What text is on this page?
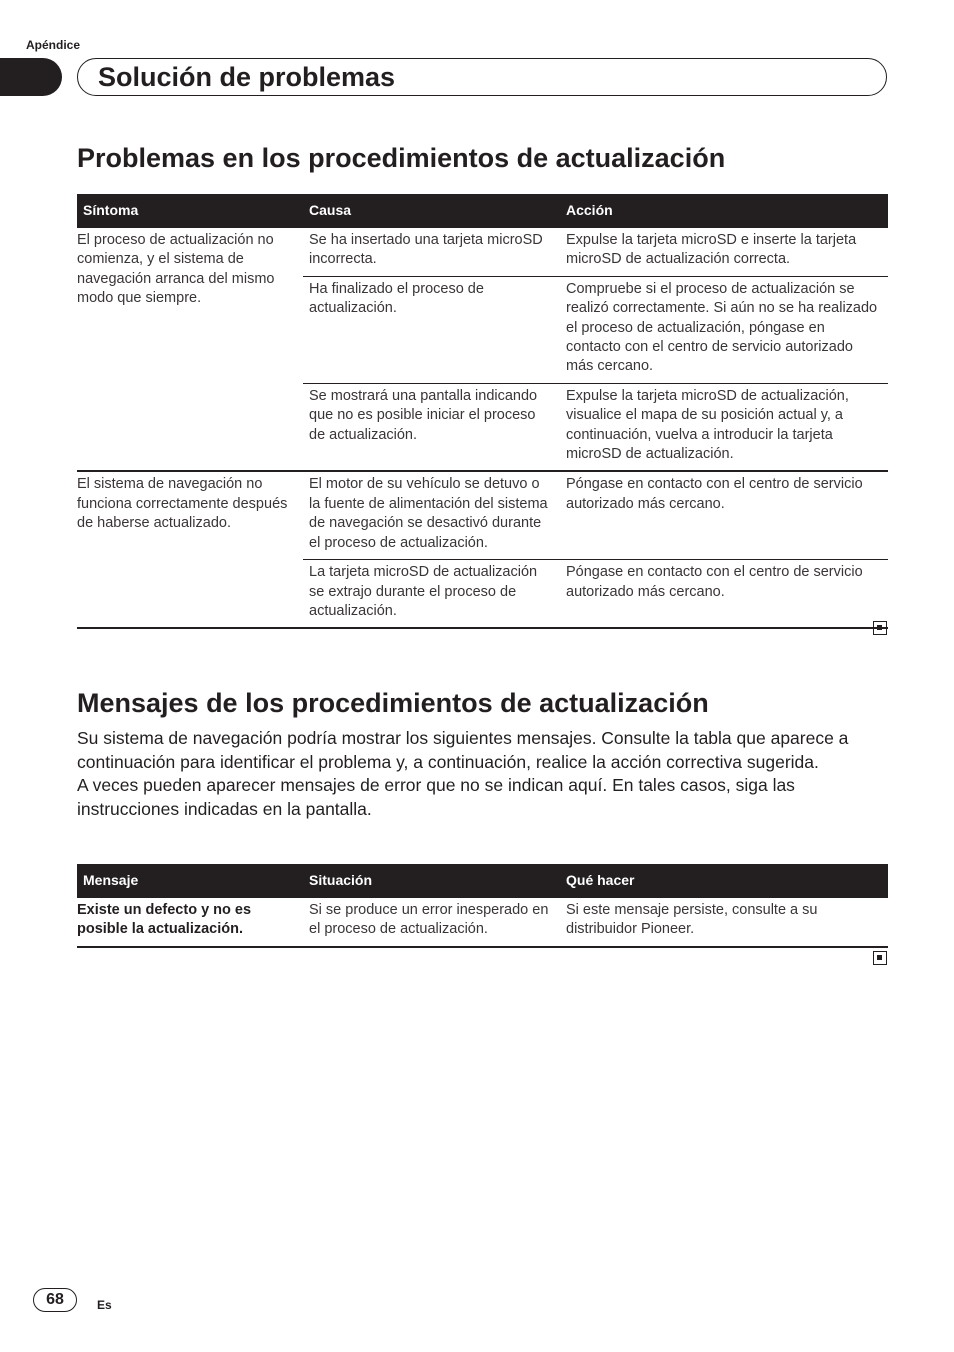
Apéndice
Solución de problemas
Problemas en los procedimientos de actualización
Síntoma	Causa	Acción
El proceso de actualización no comienza, y el sistema de navegación arranca del mismo modo que siempre.	Se ha insertado una tarjeta microSD incorrecta.	Expulse la tarjeta microSD e inserte la tarjeta microSD de actualización correcta.
	Ha finalizado el proceso de actualización.	Compruebe si el proceso de actualización se realizó correctamente. Si aún no se ha realizado el proceso de actualización, póngase en contacto con el centro de servicio autorizado más cercano.
	Se mostrará una pantalla indicando que no es posible iniciar el proceso de actualización.	Expulse la tarjeta microSD de actualización, visualice el mapa de su posición actual y, a continuación, vuelva a introducir la tarjeta microSD de actualización.
El sistema de navegación no funciona correctamente después de haberse actualizado.	El motor de su vehículo se detuvo o la fuente de alimentación del sistema de navegación se desactivó durante el proceso de actualización.	Póngase en contacto con el centro de servicio autorizado más cercano.
	La tarjeta microSD de actualización se extrajo durante el proceso de actualización.	Póngase en contacto con el centro de servicio autorizado más cercano.
Mensajes de los procedimientos de actualización

Su sistema de navegación podría mostrar los siguientes mensajes. Consulte la tabla que aparece a continuación para identificar el problema y, a continuación, realice la acción correctiva sugerida.

A veces pueden aparecer mensajes de error que no se indican aquí. En tales casos, siga las instrucciones indicadas en la pantalla.

Mensaje	Situación	Qué hacer
Existe un defecto y no es posible la actualización.	Si se produce un error inesperado en el proceso de actualización.	Si este mensaje persiste, consulte a su distribuidor Pioneer.
68	Es
